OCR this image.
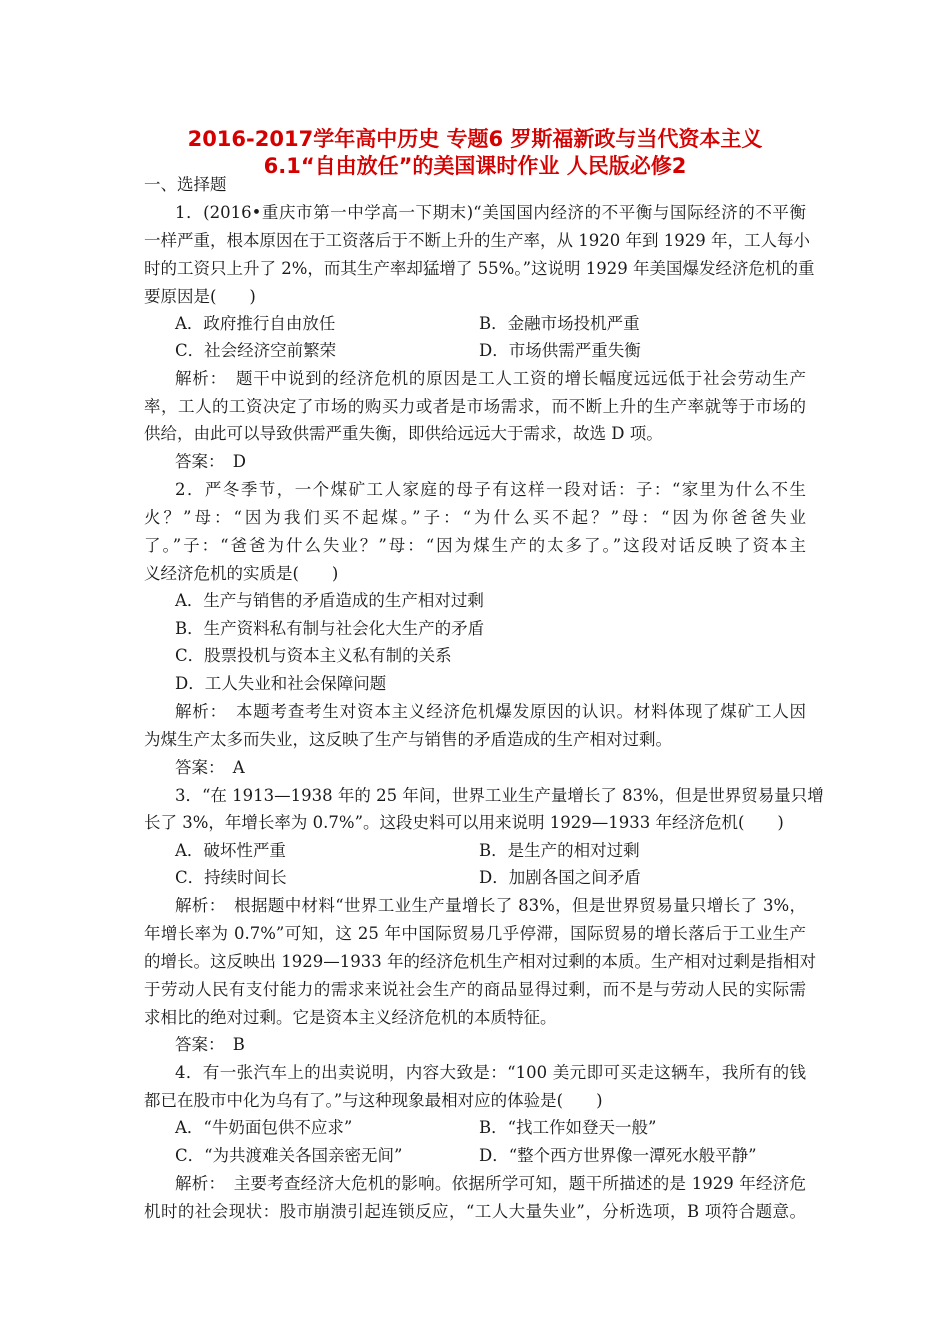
2016-2017学年高中历史 专题6 罗斯福新政与当代资本主义
6.1“自由放任”的美国课时作业 人民版必修2
一、选择题
1．(2016•重庆市第一中学高一下期末)“美国国内经济的不平衡与国际经济的不平衡
一样严重，根本原因在于工资落后于不断上升的生产率，从 1920 年到 1929 年，工人每小
时的工资只上升了 2%，而其生产率却猛增了 55%。”这说明 1929 年美国爆发经济危机的重
要原因是(　　)
A．政府推行自由放任	B．金融市场投机严重
C．社会经济空前繁荣	D．市场供需严重失衡
解析：　题干中说到的经济危机的原因是工人工资的增长幅度远远低于社会劳动生产
率，工人的工资决定了市场的购买力或者是市场需求，而不断上升的生产率就等于市场的
供给，由此可以导致供需严重失衡，即供给远远大于需求，故选 D 项。
答案：　D
2．严冬季节，一个煤矿工人家庭的母子有这样一段对话：子：“家里为什么不生
火？”母：“因为我们买不起煤。”子：“为什么买不起？”母：“因为你爸爸失业
了。”子：“爸爸为什么失业？”母：“因为煤生产的太多了。”这段对话反映了资本主
义经济危机的实质是(　　)
A．生产与销售的矛盾造成的生产相对过剩
B．生产资料私有制与社会化大生产的矛盾
C．股票投机与资本主义私有制的关系
D．工人失业和社会保障问题
解析：　本题考查考生对资本主义经济危机爆发原因的认识。材料体现了煤矿工人因
为煤生产太多而失业，这反映了生产与销售的矛盾造成的生产相对过剩。
答案：　A
3．“在 1913—1938 年的 25 年间，世界工业生产量增长了 83%，但是世界贸易量只增
长了 3%，年增长率为 0.7%”。这段史料可以用来说明 1929—1933 年经济危机(　　)
A．破坏性严重	B．是生产的相对过剩
C．持续时间长	D．加剧各国之间矛盾
解析：　根据题中材料“世界工业生产量增长了 83%，但是世界贸易量只增长了 3%，
年增长率为 0.7%”可知，这 25 年中国际贸易几乎停滞，国际贸易的增长落后于工业生产
的增长。这反映出 1929—1933 年的经济危机生产相对过剩的本质。生产相对过剩是指相对
于劳动人民有支付能力的需求来说社会生产的商品显得过剩，而不是与劳动人民的实际需
求相比的绝对过剩。它是资本主义经济危机的本质特征。
答案：　B
4．有一张汽车上的出卖说明，内容大致是：“100 美元即可买走这辆车，我所有的钱
都已在股市中化为乌有了。”与这种现象最相对应的体验是(　　)
A．“牛奶面包供不应求”	B．“找工作如登天一般”
C．“为共渡难关各国亲密无间”	D．“整个西方世界像一潭死水般平静”
解析：　主要考查经济大危机的影响。依据所学可知，题干所描述的是 1929 年经济危
机时的社会现状：股市崩溃引起连锁反应，“工人大量失业”，分析选项，B 项符合题意。
